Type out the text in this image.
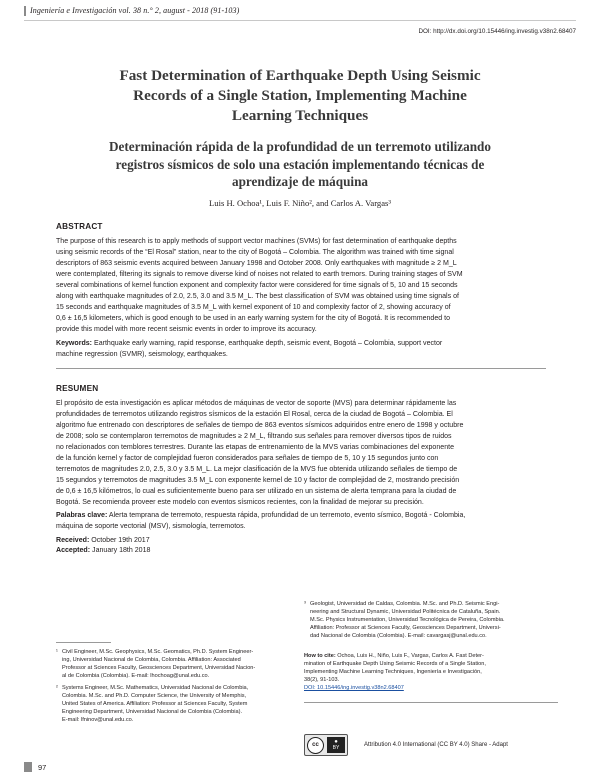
Ingeniería e Investigación vol. 38 n.° 2, august - 2018 (91-103)
DOI: http://dx.doi.org/10.15446/ing.investig.v38n2.68407
Fast Determination of Earthquake Depth Using Seismic
Records of a Single Station, Implementing Machine
Learning Techniques
Determinación rápida de la profundidad de un terremoto utilizando
registros sísmicos de solo una estación implementando técnicas de
aprendizaje de máquina
Luis H. Ochoa¹, Luis F. Niño², and Carlos A. Vargas³
ABSTRACT
The purpose of this research is to apply methods of support vector machines (SVMs) for fast determination of earthquake depths
using seismic records of the “El Rosal” station, near to the city of Bogotá – Colombia. The algorithm was trained with time signal
descriptors of 863 seismic events acquired between January 1998 and October 2008. Only earthquakes with magnitude ≥ 2 M_L
were contemplated, filtering its signals to remove diverse kind of noises not related to earth tremors. During training stages of SVM
several combinations of kernel function exponent and complexity factor were considered for time signals of 5, 10 and 15 seconds
along with earthquake magnitudes of 2.0, 2.5, 3.0 and 3.5 M_L. The best classification of SVM was obtained using time signals of
15 seconds and earthquake magnitudes of 3.5 M_L with kernel exponent of 10 and complexity factor of 2, showing accuracy of
0,6 ± 16,5 kilometers, which is good enough to be used in an early warning system for the city of Bogotá. It is recommended to
provide this model with more recent seismic events in order to improve its accuracy.
Keywords: Earthquake early warning, rapid response, earthquake depth, seismic event, Bogotá – Colombia, support vector
machine regression (SVMR), seismology, earthquakes.
RESUMEN
El propósito de esta investigación es aplicar métodos de máquinas de vector de soporte (MVS) para determinar rápidamente las
profundidades de terremotos utilizando registros sísmicos de la estación El Rosal, cerca de la ciudad de Bogotá – Colombia. El
algoritmo fue entrenado con descriptores de señales de tiempo de 863 eventos sísmicos adquiridos entre enero de 1998 y octubre
de 2008; solo se contemplaron terremotos de magnitudes ≥ 2 M_L, filtrando sus señales para remover diversos tipos de ruidos
no relacionados con temblores terrestres. Durante las etapas de entrenamiento de la MVS varias combinaciones del exponente
de la función kernel y factor de complejidad fueron considerados para señales de tiempo de 5, 10 y 15 segundos junto con
terremotos de magnitudes 2.0, 2.5, 3.0 y 3.5 M_L. La mejor clasificación de la MVS fue obtenida utilizando señales de tiempo de
15 segundos y terremotos de magnitudes 3.5 M_L con exponente kernel de 10 y factor de complejidad de 2, mostrando precisión
de 0,6 ± 16,5 kilómetros, lo cual es suficientemente bueno para ser utilizado en un sistema de alerta temprana para la ciudad de
Bogotá. Se recomienda proveer este modelo con eventos sísmicos recientes, con la finalidad de mejorar su precisión.
Palabras clave: Alerta temprana de terremoto, respuesta rápida, profundidad de un terremoto, evento sísmico, Bogotá - Colombia,
máquina de soporte vectorial (MSV), sismología, terremotos.
Received: October 19th 2017
Accepted: January 18th 2018
¹ Civil Engineer, M.Sc. Geophysics, M.Sc. Geomatics, Ph.D. System Engineer-
ing, Universidad Nacional de Colombia, Colombia. Affiliation: Associated
Professor at Sciences Faculty, Geosciences Department, Universidad Nacion-
al de Colombia (Colombia). E-mail: lhochoag@unal.edu.co.
² Systems Engineer, M.Sc. Mathematics, Universidad Nacional de Colombia,
Colombia. M.Sc. and Ph.D. Computer Science, the University of Memphis,
United States of America. Affiliation: Professor at Sciences Faculty, System
Engineering Department, Universidad Nacional de Colombia (Colombia).
E-mail: lfninov@unal.edu.co.
³ Geologist, Universidad de Caldas, Colombia. M.Sc. and Ph.D. Seismic Engi-
neering and Structural Dynamic, Universidad Politécnica de Cataluña, Spain.
M.Sc. Physics Instrumentation, Universidad Tecnológica de Pereira, Colombia.
Affiliation: Professor at Sciences Faculty, Geosciences Department, Universi-
dad Nacional de Colombia (Colombia). E-mail: cavargasj@unal.edu.co.
How to cite: Ochoa, Luis H., Niño, Luis F., Vargas, Carlos A. Fast Deter-
mination of Earthquake Depth Using Seismic Records of a Single Station,
Implementing Machine Learning Techniques, Ingeniería e Investigación,
38(2), 91-103.
DOI: 10.15446/ing.investig.v38n2.68407
cc	●
BY	Attribution 4.0 International (CC BY 4.0) Share - Adapt
97
